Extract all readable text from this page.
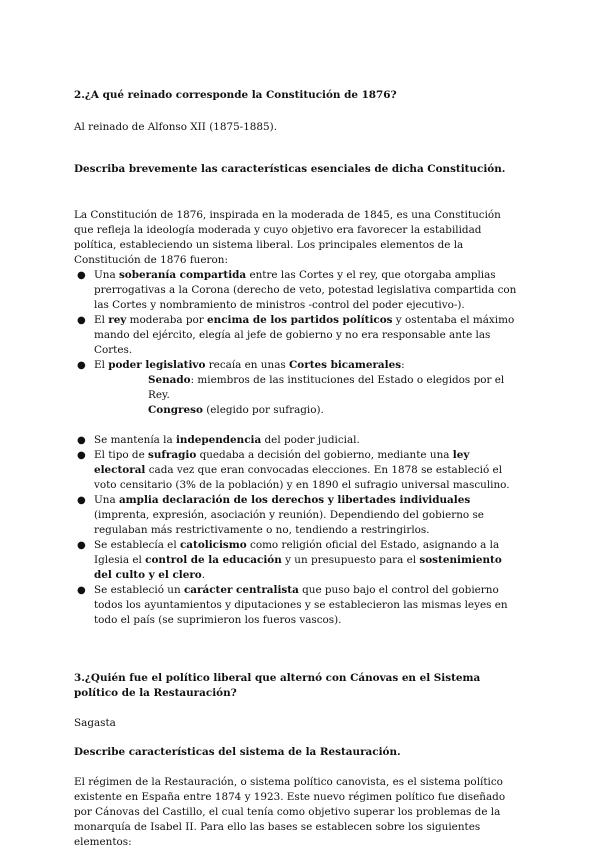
2.¿A qué reinado corresponde la Constitución de 1876?

Al reinado de Alfonso XII (1875-1885).

Describa brevemente las características esenciales de dicha Constitución.

La Constitución de 1876, inspirada en la moderada de 1845, es una Constitución que refleja la ideología moderada y cuyo objetivo era favorecer la estabilidad política, estableciendo un sistema liberal. Los principales elementos de la Constitución de 1876 fueron:

● Una soberanía compartida entre las Cortes y el rey, que otorgaba amplias prerrogativas a la Corona (derecho de veto, potestad legislativa compartida con las Cortes y nombramiento de ministros -control del poder ejecutivo-).
● El rey moderaba por encima de los partidos políticos y ostentaba el máximo mando del ejército, elegía al jefe de gobierno y no era responsable ante las Cortes.
● El poder legislativo recaía en unas Cortes bicamerales:
Senado: miembros de las instituciones del Estado o elegidos por el Rey.
Congreso (elegido por sufragio).
● Se mantenía la independencia del poder judicial.
● El tipo de sufragio quedaba a decisión del gobierno, mediante una ley electoral cada vez que eran convocadas elecciones. En 1878 se estableció el voto censitario (3% de la población) y en 1890 el sufragio universal masculino.
● Una amplia declaración de los derechos y libertades individuales (imprenta, expresión, asociación y reunión). Dependiendo del gobierno se regulaban más restrictivamente o no, tendiendo a restringirlos.
● Se establecía el catolicismo como religión oficial del Estado, asignando a la Iglesia el control de la educación y un presupuesto para el sostenimiento del culto y el clero.
● Se estableció un carácter centralista que puso bajo el control del gobierno todos los ayuntamientos y diputaciones y se establecieron las mismas leyes en todo el país (se suprimieron los fueros vascos).

3.¿Quién fue el político liberal que alternó con Cánovas en el Sistema político de la Restauración?

Sagasta

Describe características del sistema de la Restauración.

El régimen de la Restauración, o sistema político canovista, es el sistema político existente en España entre 1874 y 1923. Este nuevo régimen político fue diseñado por Cánovas del Castillo, el cual tenía como objetivo superar los problemas de la monarquía de Isabel II. Para ello las bases se establecen sobre los siguientes elementos:
